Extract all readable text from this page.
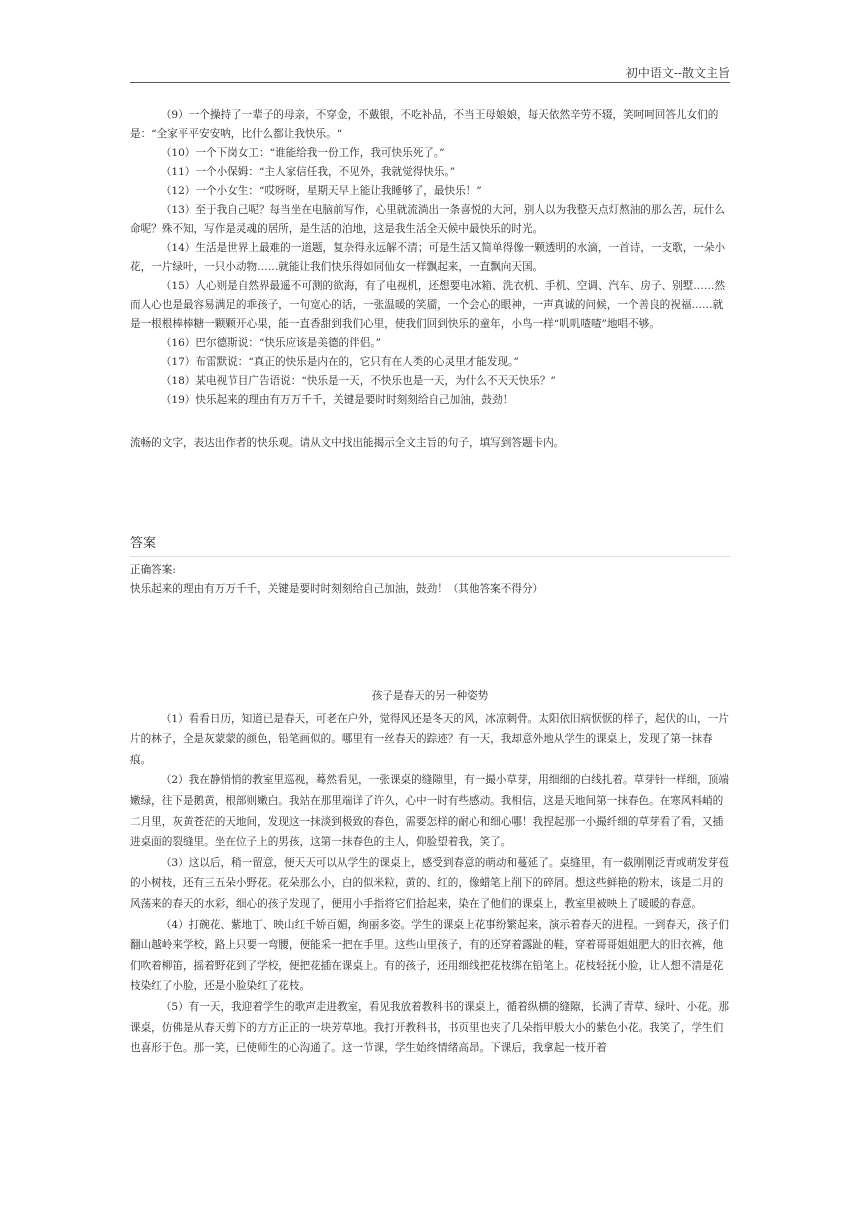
初中语文--散文主旨

（9）一个操持了一辈子的母亲，不穿金，不戴银，不吃补品，不当王母娘娘，每天依然辛劳不辍，笑呵呵回答儿女们的是：“全家平平安安呐，比什么都让我快乐。“

（10）一个下岗女工：“谁能给我一份工作，我可快乐死了。”

（11）一个小保姆：“主人家信任我，不见外，我就觉得快乐。”

（12）一个小女生：“哎呀呀，星期天早上能让我睡够了，最快乐！”

（13）至于我自己呢？每当坐在电脑前写作，心里就流淌出一条喜悦的大河，别人以为我整天点灯熬油的那么苦，玩什么命呢？殊不知，写作是灵魂的居所，是生活的泊地，这是我生活全天候中最快乐的时光。

（14）生活是世界上最难的一道题，复杂得永远解不清；可是生活又简单得像一颗透明的水滴，一首诗，一支歌，一朵小花，一片绿叶，一只小动物……就能让我们快乐得如同仙女一样飘起来，一直飘向天国。

（15）人心则是自然界最遥不可测的欲海，有了电视机，还想要电冰箱、洗衣机、手机、空调、汽车、房子、别墅……然而人心也是最容易满足的乖孩子，一句宽心的话，一张温暖的笑靥，一个会心的眼神，一声真诚的问候，一个善良的祝福……就是一根根棒棒糖一颗颗开心果，能一直香甜到我们心里，使我们回到快乐的童年，小鸟一样“叽叽喳喳”地唱不够。

（16）巴尔德斯说：“快乐应该是美德的伴侣。”

（17）布雷默说：“真正的快乐是内在的，它只有在人类的心灵里才能发现。”

（18）某电视节目广告语说：“快乐是一天，不快乐也是一天，为什么不天天快乐？”

（19）快乐起来的理由有万万千千，关键是要时时刻刻给自己加油，鼓劲！

流畅的文字，表达出作者的快乐观。请从文中找出能揭示全文主旨的句子，填写到答题卡内。

答案

正确答案:

快乐起来的理由有万万千千，关键是要时时刻刻给自己加油，鼓劲！（其他答案不得分）

孩子是春天的另一种姿势

（1）看看日历，知道已是春天，可老在户外，觉得风还是冬天的风，冰凉刺骨。太阳依旧病恹恹的样子，起伏的山，一片片的林子，全是灰蒙蒙的颜色，铅笔画似的。哪里有一丝春天的踪迹？有一天，我却意外地从学生的课桌上，发现了第一抹春痕。

（2）我在静悄悄的教室里巡视，蓦然看见，一张课桌的缝隙里，有一撮小草芽，用细细的白线扎着。草芽针一样细，顶端嫩绿，往下是鹅黄，根部则嫩白。我站在那里端详了许久，心中一时有些感动。我相信，这是天地间第一抹春色。在寒风料峭的二月里，灰黄苍茫的天地间，发现这一抹淡到极致的春色，需要怎样的耐心和细心哪！我捏起那一小撮纤细的草芽看了看，又插进桌面的裂缝里。坐在位子上的男孩，这第一抹春色的主人，仰脸望着我，笑了。

（3）这以后，稍一留意，便天天可以从学生的课桌上，感受到春意的萌动和蔓延了。桌缝里，有一截刚刚泛青或萌发芽苞的小树枝，还有三五朵小野花。花朵那么小，白的似米粒，黄的、红的，像蜡笔上削下的碎屑。想这些鲜艳的粉末，该是二月的风荡来的春天的水彩，细心的孩子发现了，便用小手指将它们拾起来，染在了他们的课桌上，教室里被映上了暖暖的春意。

（4）打碗花、紫地丁、映山红千娇百媚，绚丽多姿。学生的课桌上花事纷繁起来，演示着春天的进程。一到春天，孩子们翻山越岭来学校，路上只要一弯腰，便能采一把在手里。这些山里孩子，有的还穿着露趾的鞋，穿着哥哥姐姐肥大的旧衣裤，他们吹着柳笛，摇着野花到了学校，便把花插在课桌上。有的孩子，还用细线把花枝绑在铅笔上。花枝轻抚小脸，让人想不清是花枝染红了小脸，还是小脸染红了花枝。

（5）有一天，我迎着学生的歌声走进教室，看见我放着教科书的课桌上，循着纵横的缝隙，长满了青草、绿叶、小花。那课桌，仿佛是从春天剪下的方方正正的一块芳草地。我打开教科书，书页里也夹了几朵指甲般大小的紫色小花。我笑了，学生们也喜形于色。那一笑，已使师生的心沟通了。这一节课，学生始终情绪高昂。下课后，我拿起一枝开着
